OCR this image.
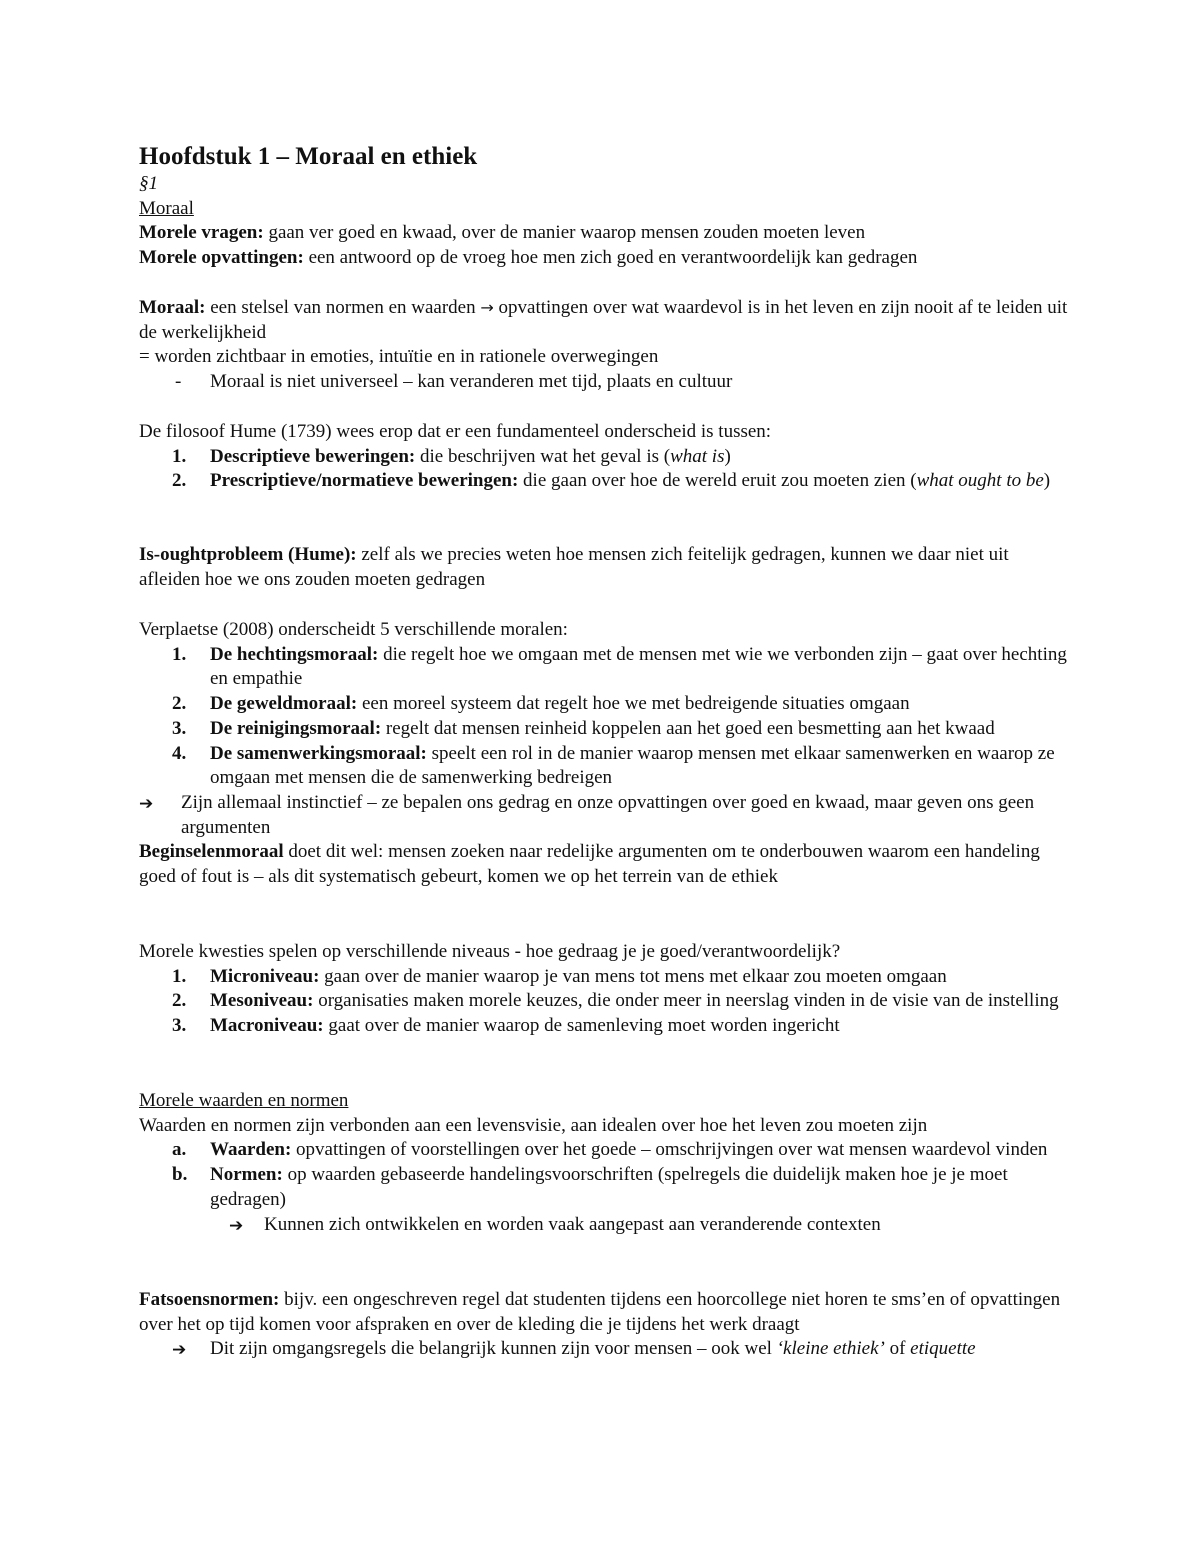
Hoofdstuk 1 – Moraal en ethiek
§1
Moraal
Morele vragen: gaan ver goed en kwaad, over de manier waarop mensen zouden moeten leven
Morele opvattingen: een antwoord op de vroeg hoe men zich goed en verantwoordelijk kan gedragen
Moraal: een stelsel van normen en waarden → opvattingen over wat waardevol is in het leven en zijn nooit af te leiden uit de werkelijkheid
= worden zichtbaar in emoties, intuïtie en in rationele overwegingen
- Moraal is niet universeel – kan veranderen met tijd, plaats en cultuur
De filosoof Hume (1739) wees erop dat er een fundamenteel onderscheid is tussen:
1. Descriptieve beweringen: die beschrijven wat het geval is (what is)
2. Prescriptieve/normatieve beweringen: die gaan over hoe de wereld eruit zou moeten zien (what ought to be)
Is-oughtprobleem (Hume): zelf als we precies weten hoe mensen zich feitelijk gedragen, kunnen we daar niet uit afleiden hoe we ons zouden moeten gedragen
Verplaetse (2008) onderscheidt 5 verschillende moralen:
1. De hechtingsmoraal: die regelt hoe we omgaan met de mensen met wie we verbonden zijn – gaat over hechting en empathie
2. De geweldmoraal: een moreel systeem dat regelt hoe we met bedreigende situaties omgaan
3. De reinigingsmoraal: regelt dat mensen reinheid koppelen aan het goed een besmetting aan het kwaad
4. De samenwerkingsmoraal: speelt een rol in de manier waarop mensen met elkaar samenwerken en waarop ze omgaan met mensen die de samenwerking bedreigen
➔ Zijn allemaal instinctief – ze bepalen ons gedrag en onze opvattingen over goed en kwaad, maar geven ons geen argumenten
Beginselenmoraal doet dit wel: mensen zoeken naar redelijke argumenten om te onderbouwen waarom een handeling goed of fout is – als dit systematisch gebeurt, komen we op het terrein van de ethiek
Morele kwesties spelen op verschillende niveaus - hoe gedraag je je goed/verantwoordelijk?
1. Microniveau: gaan over de manier waarop je van mens tot mens met elkaar zou moeten omgaan
2. Mesoniveau: organisaties maken morele keuzes, die onder meer in neerslag vinden in de visie van de instelling
3. Macroniveau: gaat over de manier waarop de samenleving moet worden ingericht
Morele waarden en normen
Waarden en normen zijn verbonden aan een levensvisie, aan idealen over hoe het leven zou moeten zijn
a. Waarden: opvattingen of voorstellingen over het goede – omschrijvingen over wat mensen waardevol vinden
b. Normen: op waarden gebaseerde handelingsvoorschriften (spelregels die duidelijk maken hoe je je moet gedragen)
➔ Kunnen zich ontwikkelen en worden vaak aangepast aan veranderende contexten
Fatsoensnormen: bijv. een ongeschreven regel dat studenten tijdens een hoorcollege niet horen te sms’en of opvattingen over het op tijd komen voor afspraken en over de kleding die je tijdens het werk draagt
➔ Dit zijn omgangsregels die belangrijk kunnen zijn voor mensen – ook wel ‘kleine ethiek’ of etiquette
